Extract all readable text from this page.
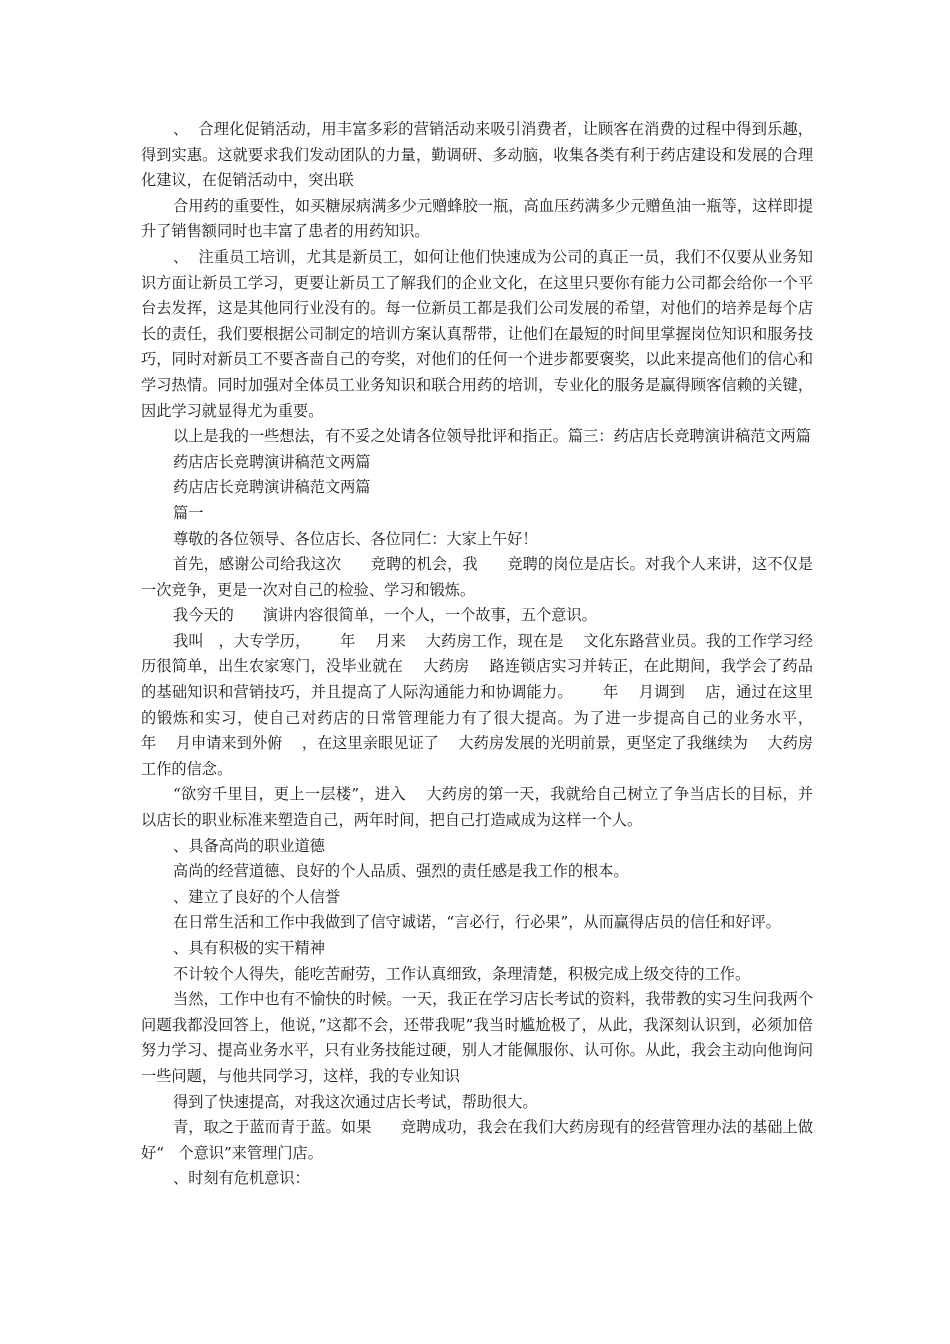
、  合理化促销活动，用丰富多彩的营销活动来吸引消费者，让顾客在消费的过程中得到乐趣，得到实惠。这就要求我们发动团队的力量，勤调研、多动脑，收集各类有利于药店建设和发展的合理化建议，在促销活动中，突出联

合用药的重要性，如买糖尿病满多少元赠蜂胶一瓶，高血压药满多少元赠鱼油一瓶等，这样即提升了销售额同时也丰富了患者的用药知识。

、  注重员工培训，尤其是新员工，如何让他们快速成为公司的真正一员，我们不仅要从业务知识方面让新员工学习，更要让新员工了解我们的企业文化，在这里只要你有能力公司都会给你一个平台去发挥，这是其他同行业没有的。每一位新员工都是我们公司发展的希望，对他们的培养是每个店长的责任，我们要根据公司制定的培训方案认真帮带，让他们在最短的时间里掌握岗位知识和服务技巧，同时对新员工不要吝啬自己的夸奖，对他们的任何一个进步都要褒奖，以此来提高他们的信心和学习热情。同时加强对全体员工业务知识和联合用药的培训，专业化的服务是赢得顾客信赖的关键，因此学习就显得尤为重要。

以上是我的一些想法，有不妥之处请各位领导批评和指正。篇三：药店店长竞聘演讲稿范文两篇

药店店长竞聘演讲稿范文两篇

药店店长竞聘演讲稿范文两篇

篇一

尊敬的各位领导、各位店长、各位同仁：大家上午好！

首先，感谢公司给我这次      竞聘的机会，我      竞聘的岗位是店长。对我个人来讲，这不仅是一次竞争，更是一次对自己的检验、学习和锻炼。

我今天的      演讲内容很简单，一个人，一个故事，五个意识。

我叫   ，大专学历，      年    月来    大药房工作，现在是    文化东路营业员。我的工作学习经历很简单，出生农家寒门，没毕业就在    大药房    路连锁店实习并转正，在此期间，我学会了药品的基础知识和营销技巧，并且提高了人际沟通能力和协调能力。      年    月调到    店，通过在这里的锻炼和实习，使自己对药店的日常管理能力有了很大提高。为了进一步提高自己的业务水平，      年    月申请来到外俯    ，在这里亲眼见证了    大药房发展的光明前景，更坚定了我继续为    大药房工作的信念。

“欲穷千里目，更上一层楼”，进入    大药房的第一天，我就给自己树立了争当店长的目标，并以店长的职业标准来塑造自己，两年时间，把自己打造咸成为这样一个人。

、具备高尚的职业道德

高尚的经营道德、良好的个人品质、强烈的责任感是我工作的根本。

、建立了良好的个人信誉

在日常生活和工作中我做到了信守诚诺，“言必行，行必果”，从而赢得店员的信任和好评。

、具有积极的实干精神

不计较个人得失，能吃苦耐劳，工作认真细致，条理清楚，积极完成上级交待的工作。

当然，工作中也有不愉快的时候。一天，我正在学习店长考试的资料，我带教的实习生问我两个问题我都没回答上，他说，”这都不会，还带我呢”我当时尴尬极了，从此，我深刻认识到，必须加倍努力学习、提高业务水平，只有业务技能过硬，别人才能佩服你、认可你。从此，我会主动向他询问一些问题，与他共同学习，这样，我的专业知识

得到了快速提高，对我这次通过店长考试，帮助很大。

青，取之于蓝而青于蓝。如果      竞聘成功，我会在我们大药房现有的经营管理办法的基础上做好“   个意识”来管理门店。

、时刻有危机意识：
